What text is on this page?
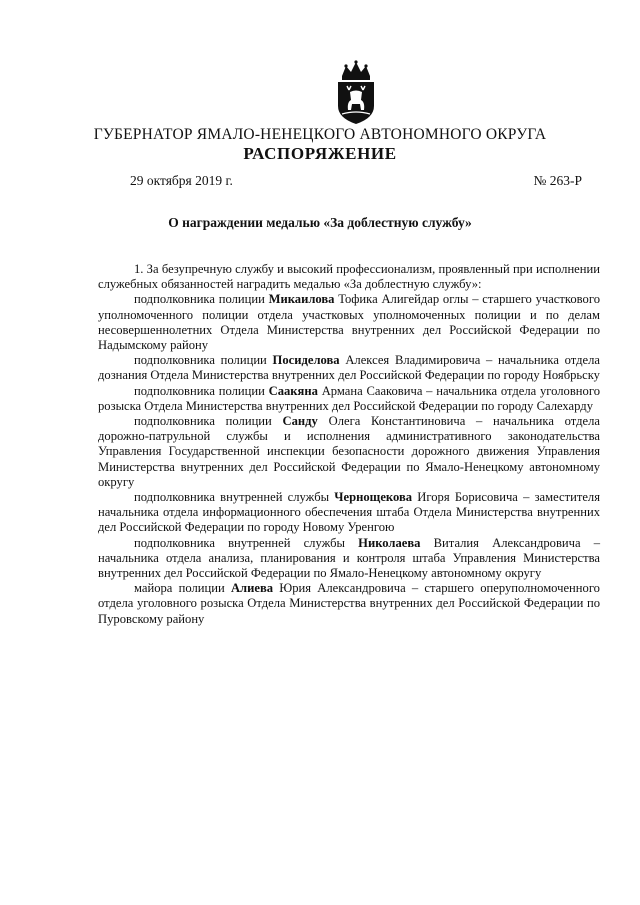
ГУБЕРНАТОР ЯМАЛО-НЕНЕЦКОГО АВТОНОМНОГО ОКРУГА
РАСПОРЯЖЕНИЕ
29 октября 2019 г.	№ 263-Р
О награждении медалью «За доблестную службу»

1. За безупречную службу и высокий профессионализм, проявленный при исполнении служебных обязанностей наградить медалью «За доблестную службу»:

подполковника полиции Микаилова Тофика Алигейдар оглы – старшего участкового уполномоченного полиции отдела участковых уполномоченных полиции и по делам несовершеннолетних Отдела Министерства внутренних дел Российской Федерации по Надымскому району

подполковника полиции Посиделова Алексея Владимировича – начальника отдела дознания Отдела Министерства внутренних дел Российской Федерации по городу Ноябрьску

подполковника полиции Саакяна Армана Сааковича – начальника отдела уголовного розыска Отдела Министерства внутренних дел Российской Федерации по городу Салехарду

подполковника полиции Санду Олега Константиновича – начальника отдела дорожно-патрульной службы и исполнения административного законодательства Управления Государственной инспекции безопасности дорожного движения Управления Министерства внутренних дел Российской Федерации по Ямало-Ненецкому автономному округу

подполковника внутренней службы Чернощекова Игоря Борисовича – заместителя начальника отдела информационного обеспечения штаба Отдела Министерства внутренних дел Российской Федерации по городу Новому Уренгою

подполковника внутренней службы Николаева Виталия Александровича – начальника отдела анализа, планирования и контроля штаба Управления Министерства внутренних дел Российской Федерации по Ямало-Ненецкому автономному округу

майора полиции Алиева Юрия Александровича – старшего оперуполномоченного отдела уголовного розыска Отдела Министерства внутренних дел Российской Федерации по Пуровскому району
